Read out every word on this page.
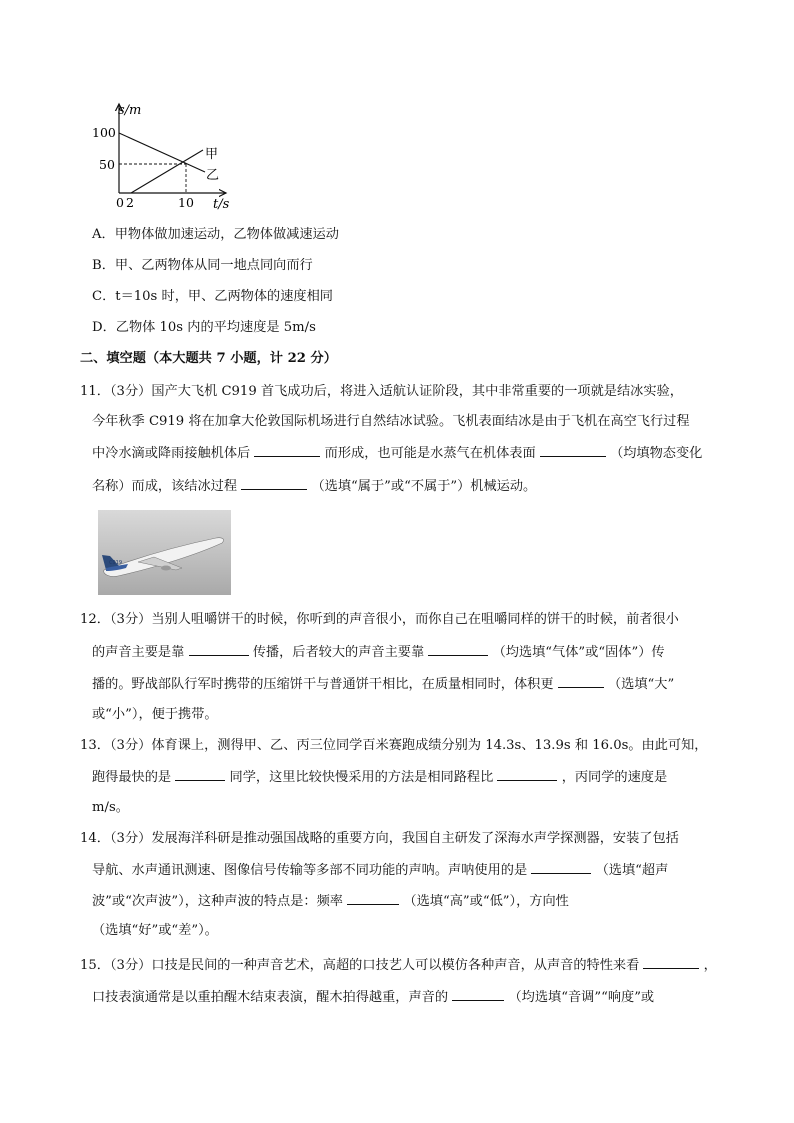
s/m
t/s
100
50
0 2	10
甲
乙
A．甲物体做加速运动，乙物体做减速运动
B．甲、乙两物体从同一地点同向而行
C．t＝10s 时，甲、乙两物体的速度相同
D．乙物体 10s 内的平均速度是 5m/s
二、填空题（本大题共 7 小题，计 22 分）
11．（3分）国产大飞机 C919 首飞成功后，将进入适航认证阶段，其中非常重要的一项就是结冰实验，
今年秋季 C919 将在加拿大伦敦国际机场进行自然结冰试验。飞机表面结冰是由于飞机在高空飞行过程
中冷水滴或降雨接触机体后	而形成，也可能是水蒸气在机体表面	（均填物态变化
名称）而成，该结冰过程	（选填“属于”或“不属于”）机械运动。
C919
12．（3分）当别人咀嚼饼干的时候，你听到的声音很小，而你自己在咀嚼同样的饼干的时候，前者很小
的声音主要是靠	传播，后者较大的声音主要靠	（均选填“气体”或“固体”）传
播的。野战部队行军时携带的压缩饼干与普通饼干相比，在质量相同时，体积更	（选填“大”
或“小”），便于携带。
13．（3分）体育课上，测得甲、乙、丙三位同学百米赛跑成绩分别为 14.3s、13.9s 和 16.0s。由此可知，
跑得最快的是	同学，这里比较快慢采用的方法是相同路程比	，丙同学的速度是
m/s。
14．（3分）发展海洋科研是推动强国战略的重要方向，我国自主研发了深海水声学探测器，安装了包括
导航、水声通讯测速、图像信号传输等多部不同功能的声呐。声呐使用的是	（选填“超声
波”或“次声波”），这种声波的特点是：频率	（选填“高”或“低”），方向性
（选填“好”或“差”）。
15．（3分）口技是民间的一种声音艺术，高超的口技艺人可以模仿各种声音，从声音的特性来看	，
口技表演通常是以重拍醒木结束表演，醒木拍得越重，声音的	（均选填“音调”“响度”或
